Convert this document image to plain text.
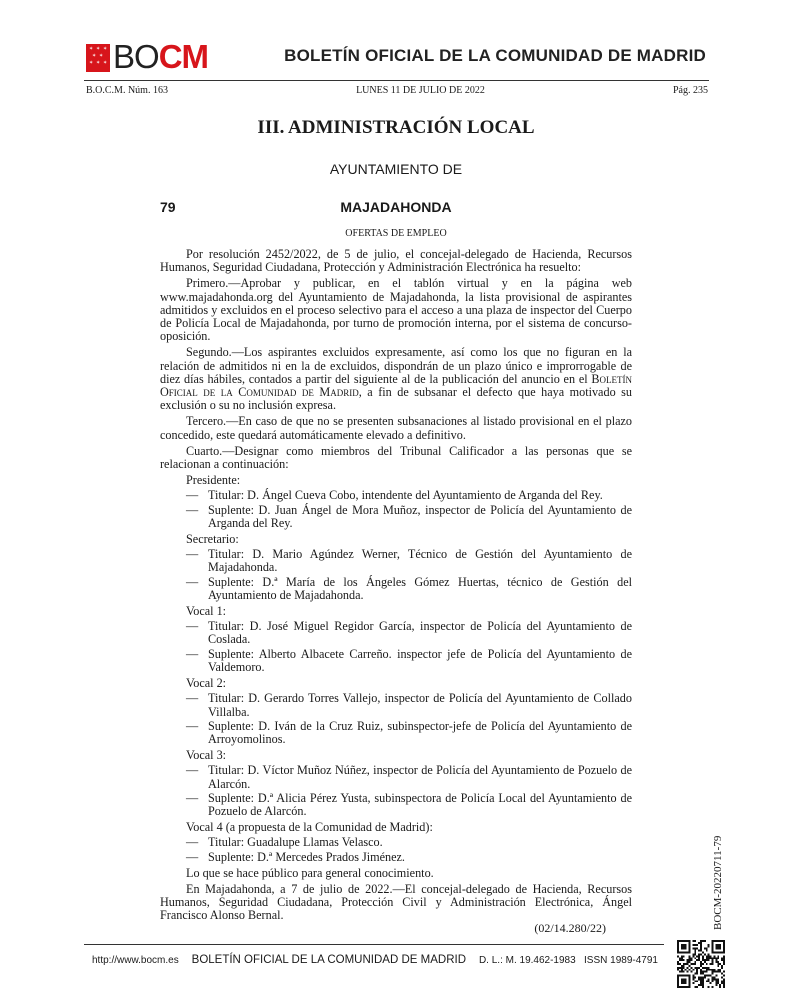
✶ ✶ ✶
✶ ✶
✶
✶ ✶ BOCM	BOLETÍN OFICIAL DE LA COMUNIDAD DE MADRID
B.O.C.M. Núm. 163	LUNES 11 DE JULIO DE 2022	Pág. 235
III. ADMINISTRACIÓN LOCAL
AYUNTAMIENTO DE
MAJADAHONDA
79
OFERTAS DE EMPLEO

Por resolución 2452/2022, de 5 de julio, el concejal-delegado de Hacienda, Recursos Humanos, Seguridad Ciudadana, Protección y Administración Electrónica ha resuelto:

Primero.—Aprobar y publicar, en el tablón virtual y en la página web www.majadahonda.org del Ayuntamiento de Majadahonda, la lista provisional de aspirantes admitidos y excluidos en el proceso selectivo para el acceso a una plaza de inspector del Cuerpo de Policía Local de Majadahonda, por turno de promoción interna, por el sistema de concurso-oposición.

Segundo.—Los aspirantes excluidos expresamente, así como los que no figuran en la relación de admitidos ni en la de excluidos, dispondrán de un plazo único e improrrogable de diez días hábiles, contados a partir del siguiente al de la publicación del anuncio en el Boletín Oficial de la Comunidad de Madrid, a fin de subsanar el defecto que haya motivado su exclusión o su no inclusión expresa.

Tercero.—En caso de que no se presenten subsanaciones al listado provisional en el plazo concedido, este quedará automáticamente elevado a definitivo.

Cuarto.—Designar como miembros del Tribunal Calificador a las personas que se relacionan a continuación:

Presidente:

— Titular: D. Ángel Cueva Cobo, intendente del Ayuntamiento de Arganda del Rey.
— Suplente: D. Juan Ángel de Mora Muñoz, inspector de Policía del Ayuntamiento de Arganda del Rey.

Secretario:

— Titular: D. Mario Agúndez Werner, Técnico de Gestión del Ayuntamiento de Majadahonda.
— Suplente: D.ª María de los Ángeles Gómez Huertas, técnico de Gestión del Ayuntamiento de Majadahonda.

Vocal 1:

— Titular: D. José Miguel Regidor García, inspector de Policía del Ayuntamiento de Coslada.
— Suplente: Alberto Albacete Carreño. inspector jefe de Policía del Ayuntamiento de Valdemoro.

Vocal 2:

— Titular: D. Gerardo Torres Vallejo, inspector de Policía del Ayuntamiento de Collado Villalba.
— Suplente: D. Iván de la Cruz Ruiz, subinspector-jefe de Policía del Ayuntamiento de Arroyomolinos.

Vocal 3:

— Titular: D. Víctor Muñoz Núñez, inspector de Policía del Ayuntamiento de Pozuelo de Alarcón.
— Suplente: D.ª Alicia Pérez Yusta, subinspectora de Policía Local del Ayuntamiento de Pozuelo de Alarcón.

Vocal 4 (a propuesta de la Comunidad de Madrid):

— Titular: Guadalupe Llamas Velasco.
— Suplente: D.ª Mercedes Prados Jiménez.

Lo que se hace público para general conocimiento.

En Majadahonda, a 7 de julio de 2022.—El concejal-delegado de Hacienda, Recursos Humanos, Seguridad Ciudadana, Protección Civil y Administración Electrónica, Ángel Francisco Alonso Bernal.

(02/14.280/22)	BOCM-20220711-79
http://www.bocm.es BOLETÍN OFICIAL DE LA COMUNIDAD DE MADRID D. L.: M. 19.462-1983 ISSN 1989-4791
